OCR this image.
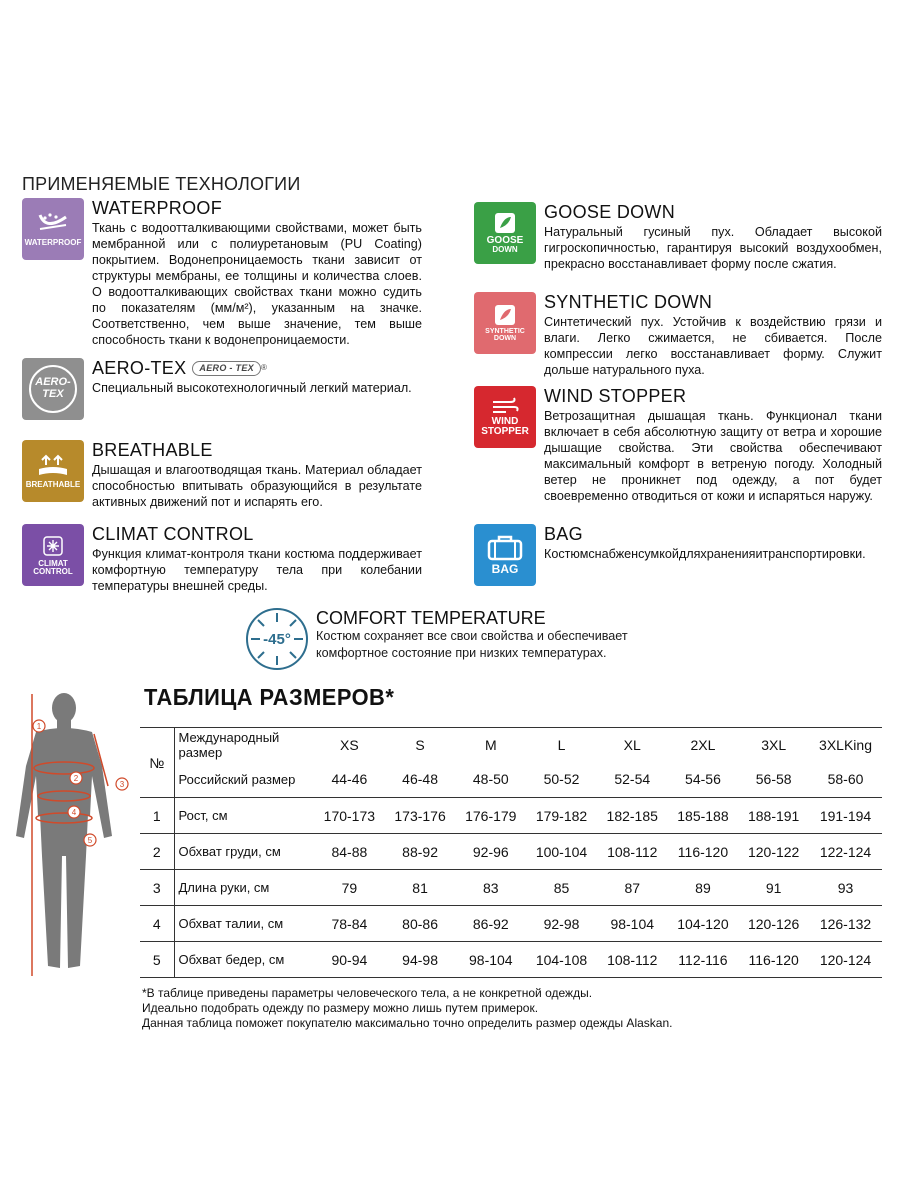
ПРИМЕНЯЕМЫЕ ТЕХНОЛОГИИ
WATERPROOF
WATERPROOF
Ткань с водоотталкивающими свойствами, может быть мембранной или с полиуретановым (PU Coating) покрытием. Водонепроницаемость ткани зависит от структуры мембраны, ее толщины и количества слоев. О водоотталкивающих свойствах ткани можно судить по показателям (мм/м²), указанным на значке. Соответственно, чем выше значение, тем выше способность ткани к водонепроницаемости.
AERO-
TEX
AERO-TEX	AERO - TEX ®
Специальный высокотехнологичный легкий материал.
BREATHABLE
BREATHABLE
Дышащая и влагоотводящая ткань. Материал обладает способностью впитывать образующийся в результате активных движений пот и испарять его.
CLIMAT
CONTROL
CLIMAT CONTROL
Функция климат-контроля ткани костюма поддерживает комфортную температуру тела при колебании температуры внешней среды.
GOOSE
DOWN
GOOSE DOWN
Натуральный гусиный пух. Обладает высокой гигроскопичностью, гарантируя высокий воздухообмен, прекрасно восстанавливает форму после сжатия.
SYNTHETIC
DOWN
SYNTHETIC DOWN
Синтетический пух. Устойчив к воздействию грязи и влаги. Легко сжимается, не сбивается. После компрессии легко восстанавливает форму. Служит дольше натурального пуха.
WIND
STOPPER
WIND STOPPER
Ветрозащитная дышащая ткань. Функционал ткани включает в себя абсолютную защиту от ветра и хорошие дышащие свойства. Эти свойства обеспечивают максимальный комфорт в ветреную погоду. Холодный ветер не проникнет под одежду, а пот будет своевременно отводиться от кожи и испаряться наружу.
BAG
BAG
Костюмснабженсумкойдляхраненияитранспортировки.
-45°
COMFORT TEMPERATURE
Костюм сохраняет все свои свойства и обеспечивает комфортное состояние при низких температурах.
1
2
3
4
5
ТАБЛИЦА РАЗМЕРОВ*
№	Международный размер	XS	S	M	L	XL	2XL	3XL	3XLKing
	Российский размер	44-46	46-48	48-50	50-52	52-54	54-56	56-58	58-60
1	Рост, см	170-173	173-176	176-179	179-182	182-185	185-188	188-191	191-194
2	Обхват груди, см	84-88	88-92	92-96	100-104	108-112	116-120	120-122	122-124
3	Длина руки, см	79	81	83	85	87	89	91	93
4	Обхват талии, см	78-84	80-86	86-92	92-98	98-104	104-120	120-126	126-132
5	Обхват бедер, см	90-94	94-98	98-104	104-108	108-112	112-116	116-120	120-124
*В таблице приведены параметры человеческого тела, а не конкретной одежды.
Идеально подобрать одежду по размеру можно лишь путем примерок.
Данная таблица поможет покупателю максимально точно определить размер одежды Alaskan.
